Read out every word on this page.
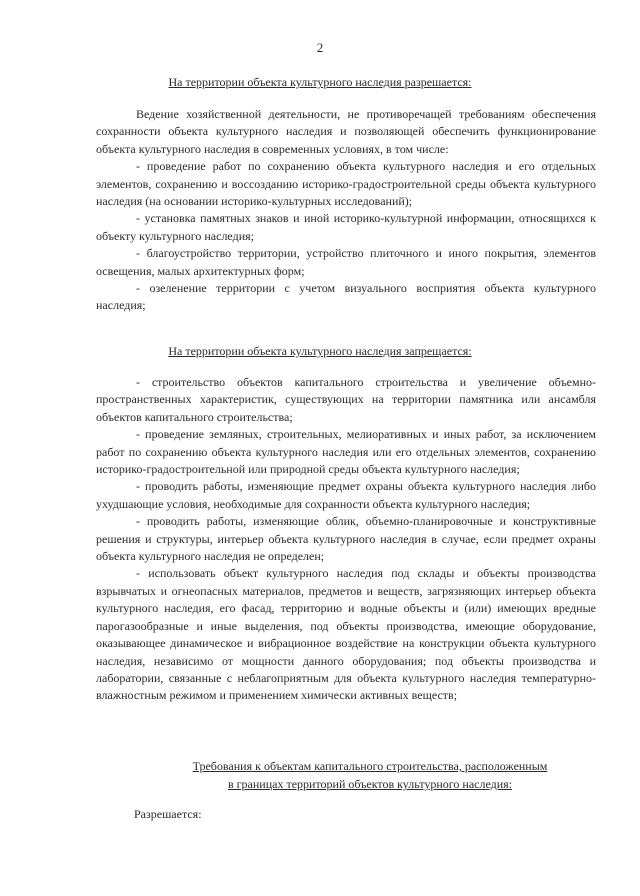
2
На территории объекта культурного наследия разрешается:

Ведение хозяйственной деятельности, не противоречащей требованиям обеспечения сохранности объекта культурного наследия и позволяющей обеспечить функционирование объекта культурного наследия в современных условиях, в том числе:

- проведение работ по сохранению объекта культурного наследия и его отдельных элементов, сохранению и воссозданию историко-градостроительной среды объекта культурного наследия (на основании историко-культурных исследований);

- установка памятных знаков и иной историко-культурной информации, относящихся к объекту культурного наследия;

- благоустройство территории, устройство плиточного и иного покрытия, элементов освещения, малых архитектурных форм;

- озеленение территории с учетом визуального восприятия объекта культурного наследия;

На территории объекта культурного наследия запрещается:

- строительство объектов капитального строительства и увеличение объемно-пространственных характеристик, существующих на территории памятника или ансамбля объектов капитального строительства;

- проведение земляных, строительных, мелиоративных и иных работ, за исключением работ по сохранению объекта культурного наследия или его отдельных элементов, сохранению историко-градостроительной или природной среды объекта культурного наследия;

- проводить работы, изменяющие предмет охраны объекта культурного наследия либо ухудшающие условия, необходимые для сохранности объекта культурного наследия;

- проводить работы, изменяющие облик, объемно-планировочные и конструктивные решения и структуры, интерьер объекта культурного наследия в случае, если предмет охраны объекта культурного наследия не определен;

- использовать объект культурного наследия под склады и объекты производства взрывчатых и огнеопасных материалов, предметов и веществ, загрязняющих интерьер объекта культурного наследия, его фасад, территорию и водные объекты и (или) имеющих вредные парогазообразные и иные выделения, под объекты производства, имеющие оборудование, оказывающее динамическое и вибрационное воздействие на конструкции объекта культурного наследия, независимо от мощности данного оборудования; под объекты производства и лаборатории, связанные с неблагоприятным для объекта культурного наследия температурно-влажностным режимом и применением химически активных веществ;

Требования к объектам капитального строительства, расположенным
в границах территорий объектов культурного наследия:
Разрешается:
